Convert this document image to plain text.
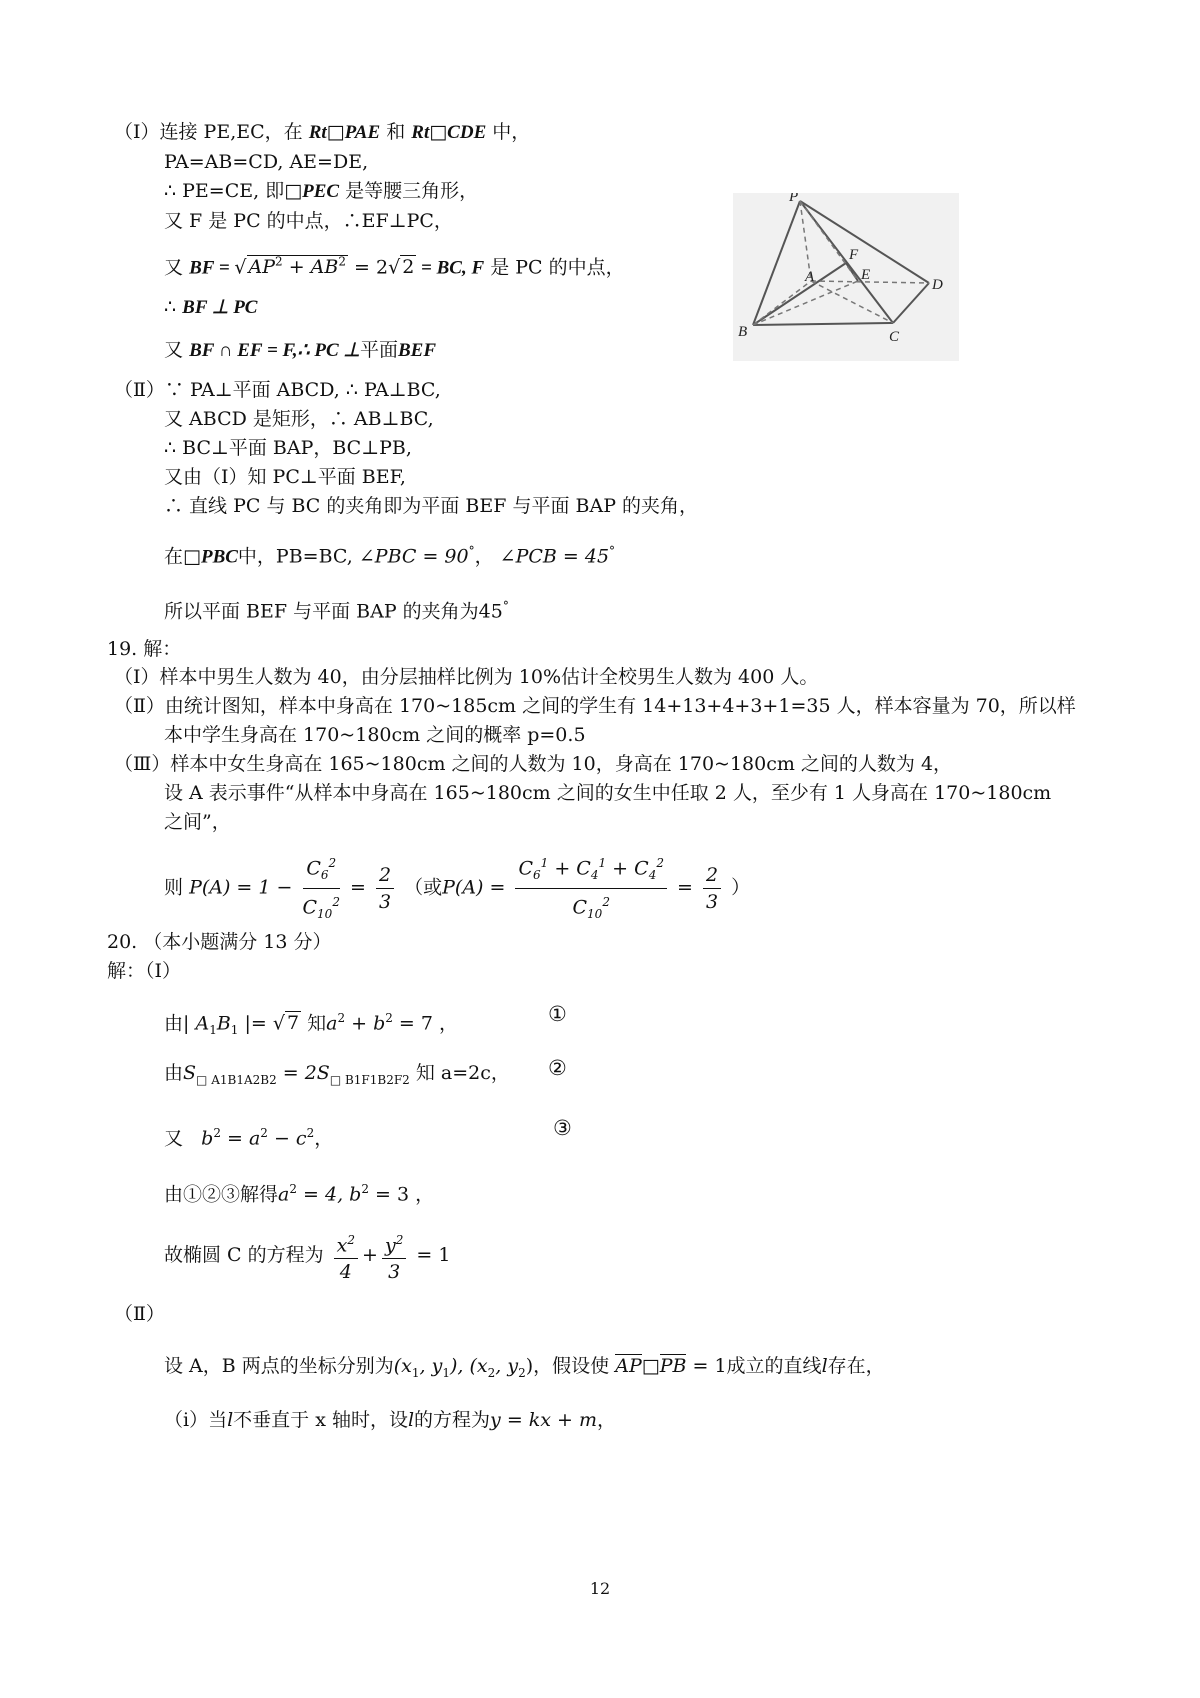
（Ⅰ）连接 PE,EC，在 Rt□PAE 和 Rt□CDE 中，
PA=AB=CD, AE=DE,
∴ PE=CE, 即□PEC 是等腰三角形，
又 F 是 PC 的中点，∴EF⊥PC，
又 BF = √ $AP^2 + AB^2 = 2√$ 2 = BC, F 是 PC 的中点，
∴ BF ⊥ PC
又 BF ∩ EF = F,∴ PC ⊥平面BEF
P
A
F
E
D
B	C
（Ⅱ）∵ PA⊥平面 ABCD, ∴ PA⊥BC,
又 ABCD 是矩形，∴ AB⊥BC,
∴ BC⊥平面 BAP，BC⊥PB,
又由（Ⅰ）知 PC⊥平面 BEF,
∴ 直线 PC 与 BC 的夹角即为平面 BEF 与平面 BAP 的夹角，
在□PBC中，PB=BC, ∠PBC = 90°， ∠PCB = 45°
所以平面 BEF 与平面 BAP 的夹角为45°
19. 解：
（Ⅰ）样本中男生人数为 40，由分层抽样比例为 10%估计全校男生人数为 400 人。
（Ⅱ）由统计图知，样本中身高在 170~185cm 之间的学生有 14+13+4+3+1=35 人，样本容量为 70，所以样
本中学生身高在 170~180cm 之间的概率 p=0.5
（Ⅲ）样本中女生身高在 165~180cm 之间的人数为 10，身高在 170~180cm 之间的人数为 4，
设 A 表示事件“从样本中身高在 165~180cm 之间的女生中任取 2 人，至少有 1 人身高在 170~180cm
之间”，
则 $P(A) = 1 - \frac{C_6^2}{C_{10}^2} = \frac{2}{3}$ （或$P(A) = \frac{C_6^1 + C_4^1 + C_4^2}{C_{10}^2} = \frac{2}{3}$ ）
20. （本小题满分 13 分）
解：（Ⅰ）
由| $A_1B_1$ |= √ 7 知$a^2 + b^2 = 7$ ，	①
由$S_{□ A1B1A2B2} = 2S_{□ B1F1B2F2}$ 知 a=2c， ②
又 $b^2 = a^2 - c^2$，	③
由①②③解得$a^2 = 4$, $b^2 = 3$ ，
故椭圆 C 的方程为 $\frac{x^2}{4} + \frac{y^2}{3} = 1$
（Ⅱ）
设 A，B 两点的坐标分别为($x_1$, $y_1$), ($x_2$, $y_2$)，假设使 AP□PB = 1成立的直线l存在，
（ⅰ）当l不垂直于 x 轴时，设l的方程为y = kx + m，
12
